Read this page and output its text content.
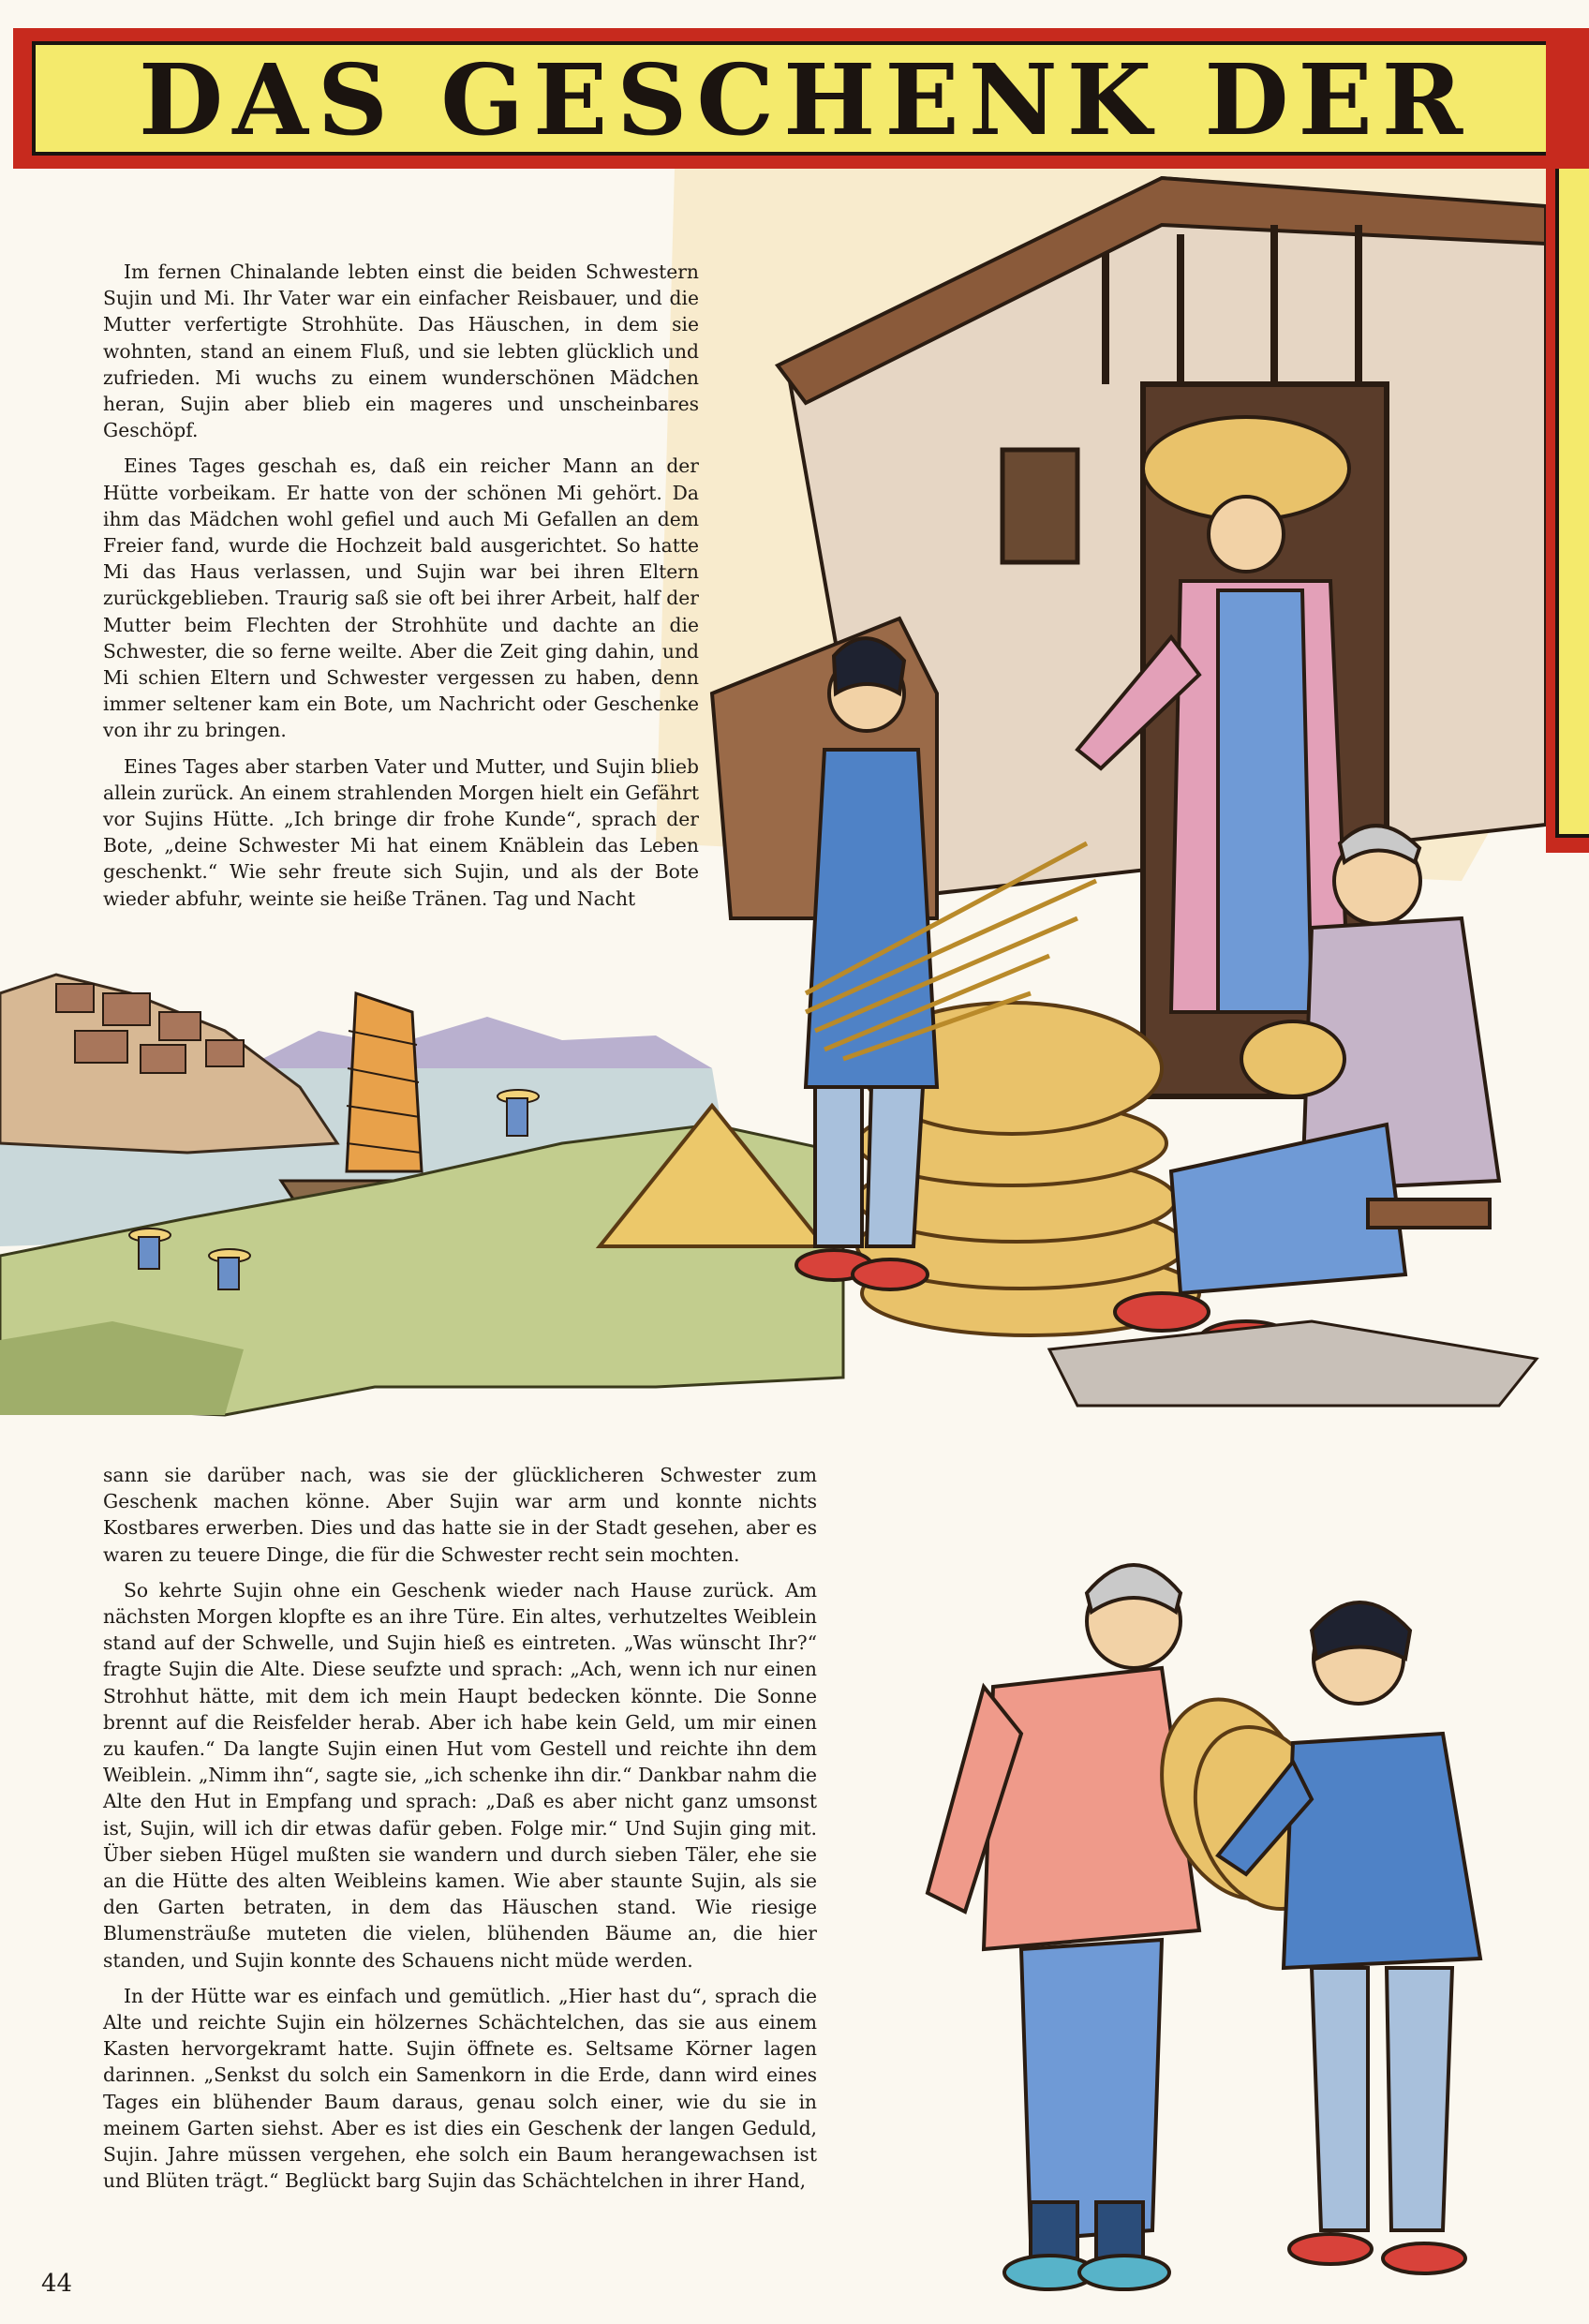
DAS GESCHENK DER

Im fernen Chinalande lebten einst die beiden Schwestern Sujin und Mi. Ihr Vater war ein einfacher Reisbauer, und die Mutter verfertigte Strohhüte. Das Häuschen, in dem sie wohnten, stand an einem Fluß, und sie lebten glücklich und zufrieden. Mi wuchs zu einem wunderschönen Mädchen heran, Sujin aber blieb ein mageres und unscheinbares Geschöpf.

Eines Tages geschah es, daß ein reicher Mann an der Hütte vorbeikam. Er hatte von der schönen Mi gehört. Da ihm das Mädchen wohl gefiel und auch Mi Gefallen an dem Freier fand, wurde die Hochzeit bald ausgerichtet. So hatte Mi das Haus verlassen, und Sujin war bei ihren Eltern zurückgeblieben. Traurig saß sie oft bei ihrer Arbeit, half der Mutter beim Flechten der Strohhüte und dachte an die Schwester, die so ferne weilte. Aber die Zeit ging dahin, und Mi schien Eltern und Schwester vergessen zu haben, denn immer seltener kam ein Bote, um Nachricht oder Geschenke von ihr zu bringen.

Eines Tages aber starben Vater und Mutter, und Sujin blieb allein zurück. An einem strahlenden Morgen hielt ein Gefährt vor Sujins Hütte. „Ich bringe dir frohe Kunde“, sprach der Bote, „deine Schwester Mi hat einem Knäblein das Leben geschenkt.“ Wie sehr freute sich Sujin, und als der Bote wieder abfuhr, weinte sie heiße Tränen. Tag und Nacht

sann sie darüber nach, was sie der glücklicheren Schwester zum Geschenk machen könne. Aber Sujin war arm und konnte nichts Kostbares erwerben. Dies und das hatte sie in der Stadt gesehen, aber es waren zu teuere Dinge, die für die Schwester recht sein mochten.

So kehrte Sujin ohne ein Geschenk wieder nach Hause zurück. Am nächsten Morgen klopfte es an ihre Türe. Ein altes, verhutzeltes Weiblein stand auf der Schwelle, und Sujin hieß es eintreten. „Was wünscht Ihr?“ fragte Sujin die Alte. Diese seufzte und sprach: „Ach, wenn ich nur einen Strohhut hätte, mit dem ich mein Haupt bedecken könnte. Die Sonne brennt auf die Reisfelder herab. Aber ich habe kein Geld, um mir einen zu kaufen.“ Da langte Sujin einen Hut vom Gestell und reichte ihn dem Weiblein. „Nimm ihn“, sagte sie, „ich schenke ihn dir.“ Dankbar nahm die Alte den Hut in Empfang und sprach: „Daß es aber nicht ganz umsonst ist, Sujin, will ich dir etwas dafür geben. Folge mir.“ Und Sujin ging mit. Über sieben Hügel mußten sie wandern und durch sieben Täler, ehe sie an die Hütte des alten Weibleins kamen. Wie aber staunte Sujin, als sie den Garten betraten, in dem das Häuschen stand. Wie riesige Blumensträuße muteten die vielen, blühenden Bäume an, die hier standen, und Sujin konnte des Schauens nicht müde werden.

In der Hütte war es einfach und gemütlich. „Hier hast du“, sprach die Alte und reichte Sujin ein hölzernes Schächtelchen, das sie aus einem Kasten hervorgekramt hatte. Sujin öffnete es. Seltsame Körner lagen darinnen. „Senkst du solch ein Samenkorn in die Erde, dann wird eines Tages ein blühender Baum daraus, genau solch einer, wie du sie in meinem Garten siehst. Aber es ist dies ein Geschenk der langen Geduld, Sujin. Jahre müssen vergehen, ehe solch ein Baum herangewachsen ist und Blüten trägt.“ Beglückt barg Sujin das Schächtelchen in ihrer Hand,

44
